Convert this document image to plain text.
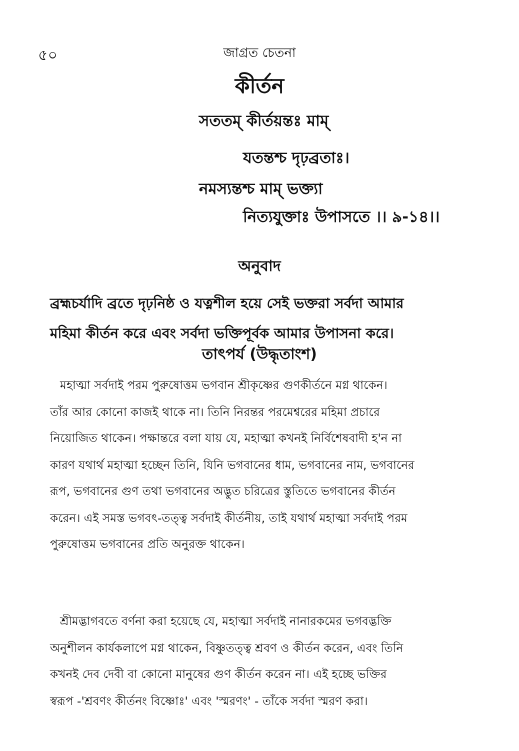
৫০	জাগ্রত চেতনা
কীর্তন
সততম্‌ কীর্তয়ন্তঃ মাম্‌
যতন্তশ্চ দৃঢ়ব্রতাঃ।
নমস্যন্তশ্চ মাম্‌ ভক্ত্যা
নিত্যযুক্তাঃ উপাসতে ।। ৯-১৪।।
অনুবাদ
ব্রহ্মচর্যাদি ব্রতে দৃঢ়নিষ্ঠ ও যত্নশীল হয়ে সেই ভক্তরা সর্বদা আমার
মহিমা কীর্তন করে এবং সর্বদা ভক্তিপূর্বক আমার উপাসনা করে।
তাৎপর্য (উদ্ধৃতাংশ)
মহাত্মা সর্বদাই পরম পুরুষোত্তম ভগবান শ্রীকৃষ্ণের গুণকীর্তনে মগ্ন থাকেন।
তাঁর আর কোনো কাজই থাকে না। তিনি নিরন্তর পরমেশ্বরের মহিমা প্রচারে
নিয়োজিত থাকেন। পক্ষান্তরে বলা যায় যে, মহাত্মা কখনই নির্বিশেষবাদী হ'ন না
কারণ যথার্থ মহাত্মা হচ্ছেন তিনি, যিনি ভগবানের ধাম, ভগবানের নাম, ভগবানের
রূপ, ভগবানের গুণ তথা ভগবানের অদ্ভুত চরিত্রের স্তুতিতে ভগবানের কীর্তন
করেন। এই সমস্ত ভগবৎ-তত্ত্ব সর্বদাই কীর্তনীয়, তাই যথার্থ মহাত্মা সর্বদাই পরম
পুরুষোত্তম ভগবানের প্রতি অনুরক্ত থাকেন।
শ্রীমদ্ভাগবতে বর্ণনা করা হয়েছে যে, মহাত্মা সর্বদাই নানারকমের ভগবদ্ভক্তি
অনুশীলন কার্যকলাপে মগ্ন থাকেন, বিষ্ণুতত্ত্ব শ্রবণ ও কীর্তন করেন, এবং তিনি
কখনই দেব দেবী বা কোনো মানুষের গুণ কীর্তন করেন না। এই হচ্ছে ভক্তির
স্বরূপ -'শ্রবণং কীর্তনং বিষ্ণোঃ' এবং 'স্মরণং' - তাঁকে সর্বদা স্মরণ করা।
